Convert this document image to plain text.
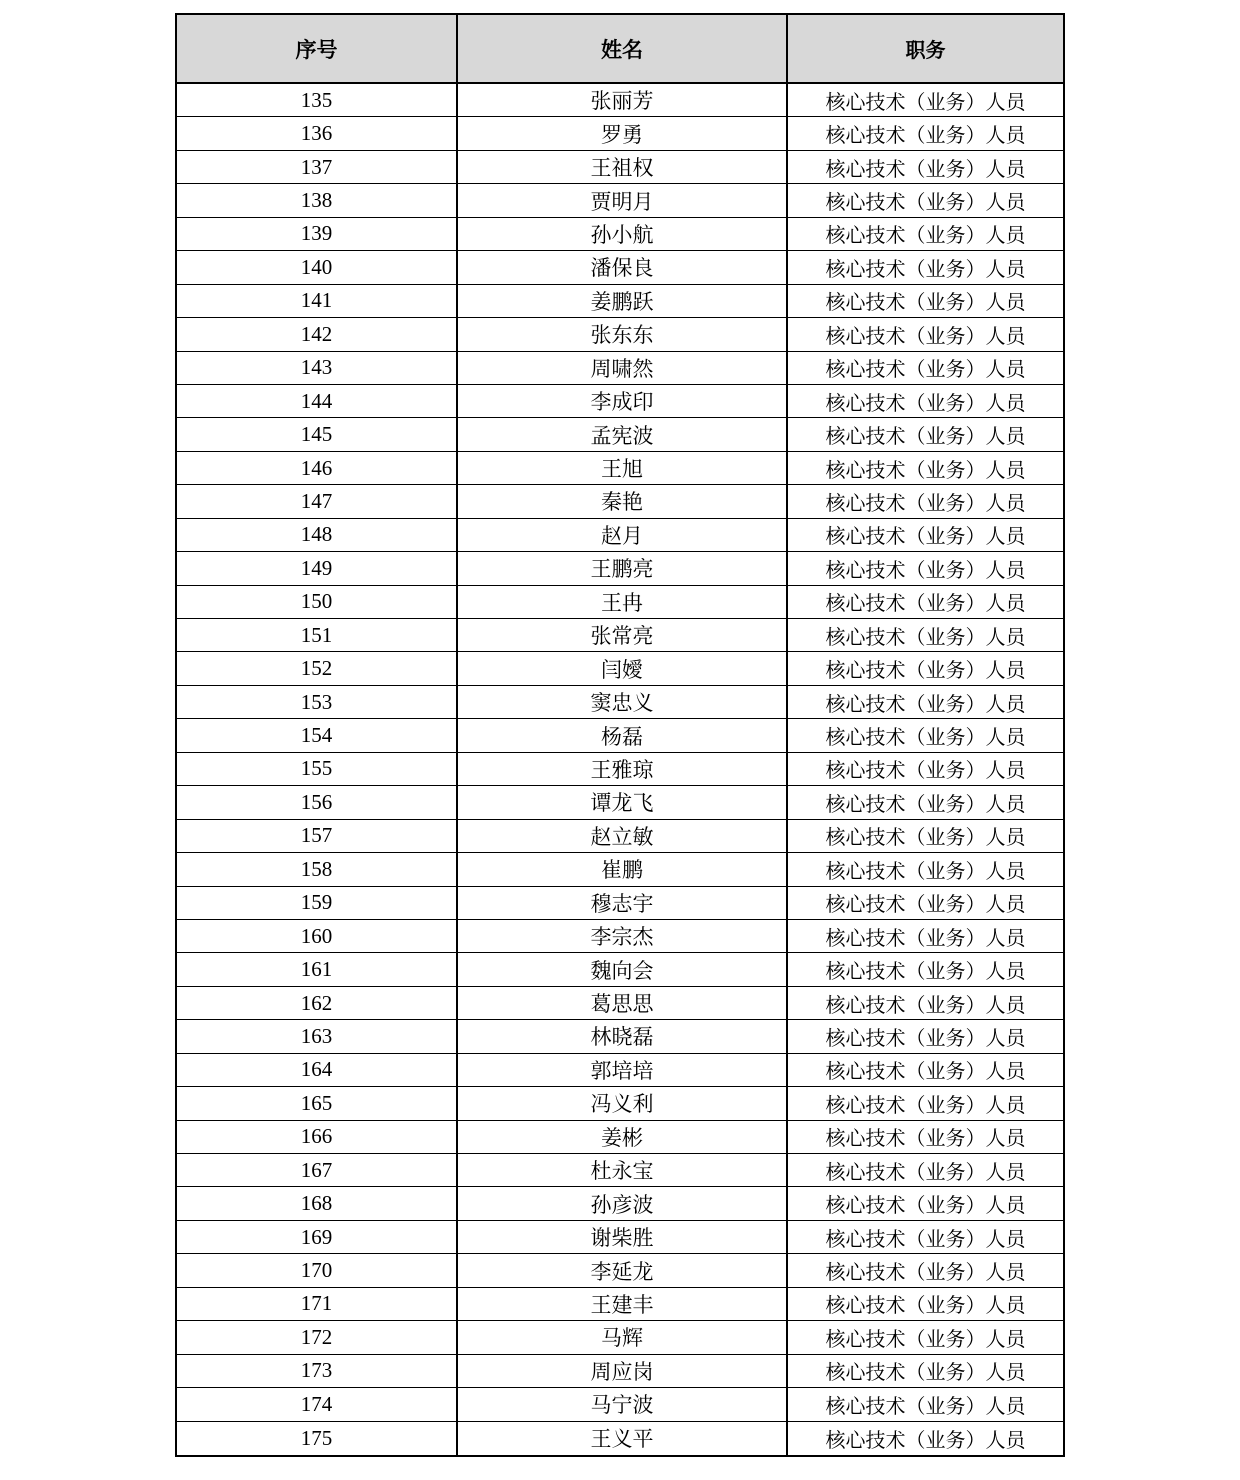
序号	姓名	职务
135	张丽芳	核心技术（业务）人员
136	罗勇	核心技术（业务）人员
137	王祖权	核心技术（业务）人员
138	贾明月	核心技术（业务）人员
139	孙小航	核心技术（业务）人员
140	潘保良	核心技术（业务）人员
141	姜鹏跃	核心技术（业务）人员
142	张东东	核心技术（业务）人员
143	周啸然	核心技术（业务）人员
144	李成印	核心技术（业务）人员
145	孟宪波	核心技术（业务）人员
146	王旭	核心技术（业务）人员
147	秦艳	核心技术（业务）人员
148	赵月	核心技术（业务）人员
149	王鹏亮	核心技术（业务）人员
150	王冉	核心技术（业务）人员
151	张常亮	核心技术（业务）人员
152	闫嬡	核心技术（业务）人员
153	窦忠义	核心技术（业务）人员
154	杨磊	核心技术（业务）人员
155	王雅琼	核心技术（业务）人员
156	谭龙飞	核心技术（业务）人员
157	赵立敏	核心技术（业务）人员
158	崔鹏	核心技术（业务）人员
159	穆志宇	核心技术（业务）人员
160	李宗杰	核心技术（业务）人员
161	魏向会	核心技术（业务）人员
162	葛思思	核心技术（业务）人员
163	林晓磊	核心技术（业务）人员
164	郭培培	核心技术（业务）人员
165	冯义利	核心技术（业务）人员
166	姜彬	核心技术（业务）人员
167	杜永宝	核心技术（业务）人员
168	孙彦波	核心技术（业务）人员
169	谢柴胜	核心技术（业务）人员
170	李延龙	核心技术（业务）人员
171	王建丰	核心技术（业务）人员
172	马辉	核心技术（业务）人员
173	周应岗	核心技术（业务）人员
174	马宁波	核心技术（业务）人员
175	王义平	核心技术（业务）人员
